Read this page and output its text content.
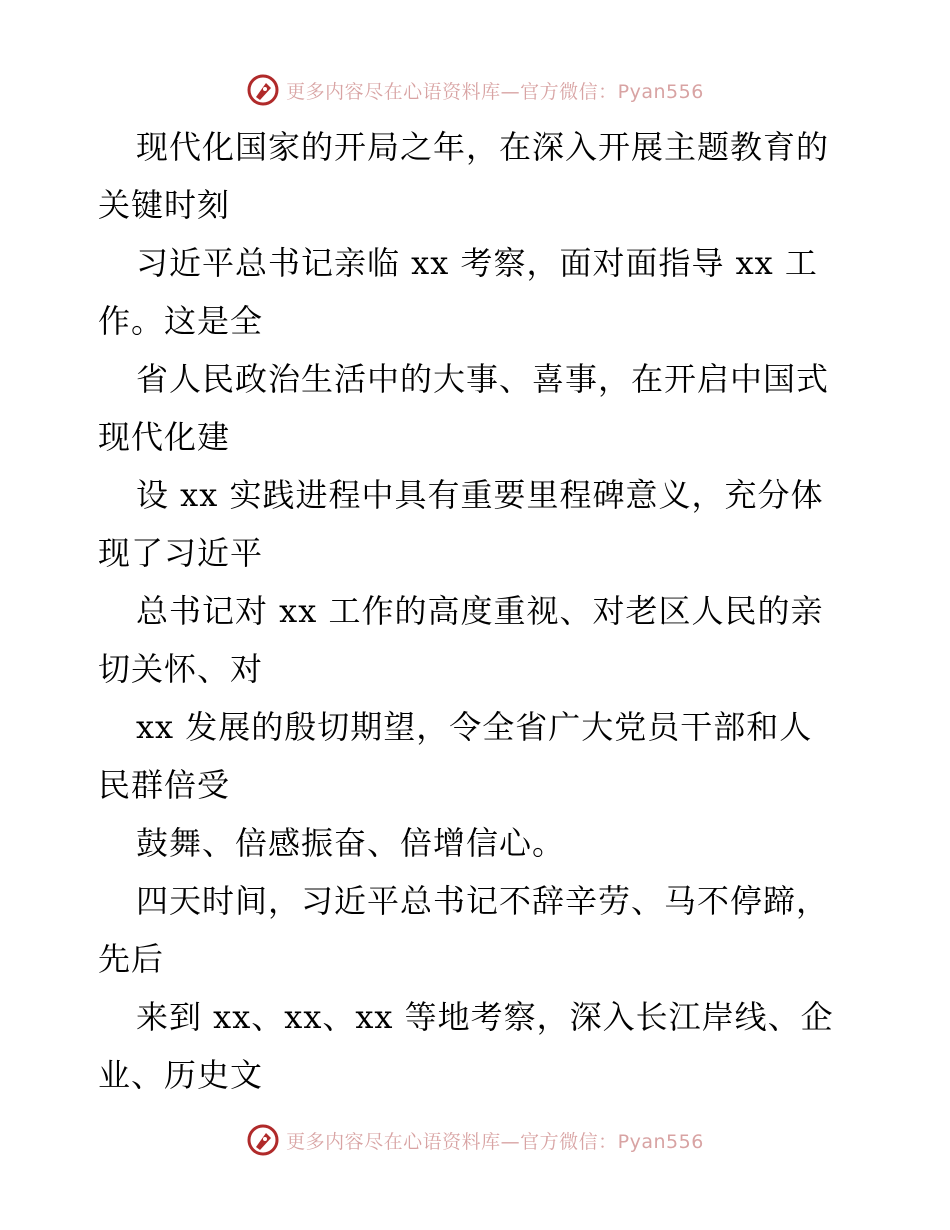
更多内容尽在心语资料库—官方微信：Pyan556
现代化国家的开局之年，在深入开展主题教育的
关键时刻
习近平总书记亲临 xx 考察，面对面指导 xx 工
作。这是全
省人民政治生活中的大事、喜事，在开启中国式
现代化建
设 xx 实践进程中具有重要里程碑意义，充分体
现了习近平
总书记对 xx 工作的高度重视、对老区人民的亲
切关怀、对
xx 发展的殷切期望，令全省广大党员干部和人
民群倍受
鼓舞、倍感振奋、倍增信心。
四天时间，习近平总书记不辞辛劳、马不停蹄，
先后
来到 xx、xx、xx 等地考察，深入长江岸线、企
业、历史文
更多内容尽在心语资料库—官方微信：Pyan556
